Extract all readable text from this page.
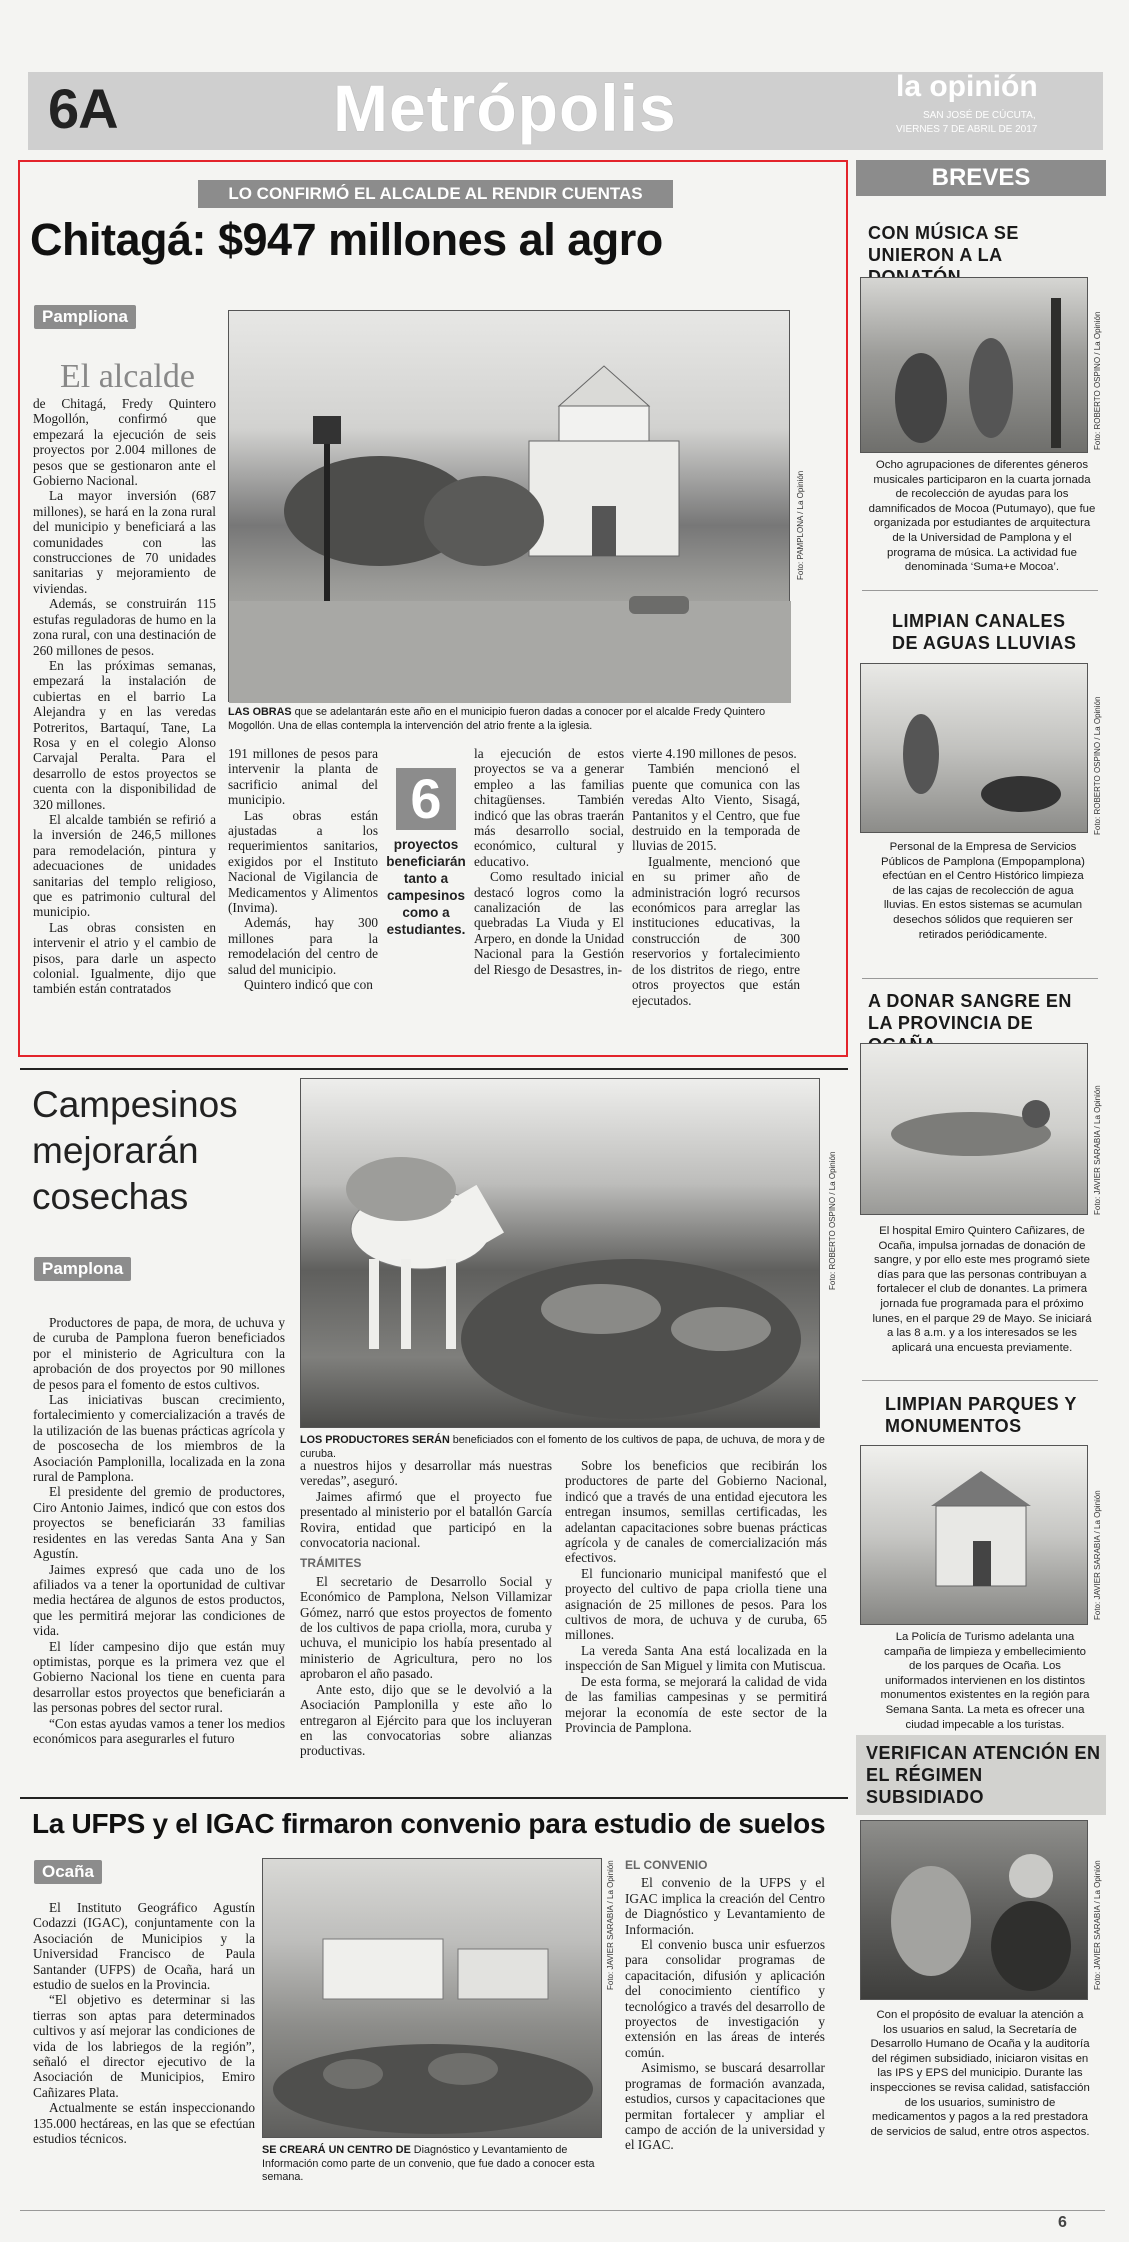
6A	Metrópolis	la opinión
SAN JOSÉ DE CÚCUTA,
VIERNES 7 DE ABRIL DE 2017
LO CONFIRMÓ EL ALCALDE AL RENDIR CUENTAS
Chitagá: $947 millones al agro
Pampliona
El alcalde

de Chitagá, Fredy Quintero Mogollón, confirmó que empezará la ejecución de seis proyectos por 2.004 millones de pesos que se gestionaron ante el Gobierno Nacional.

La mayor inversión (687 millones), se hará en la zona rural del municipio y beneficiará a las comunidades con las construcciones de 70 unidades sanitarias y mejoramiento de viviendas.

Además, se construirán 115 estufas reguladoras de humo en la zona rural, con una destinación de 260 millones de pesos.

En las próximas semanas, empezará la instalación de cubiertas en el barrio La Alejandra y en las veredas Potreritos, Bartaquí, Tane, La Rosa y en el colegio Alonso Carvajal Peralta. Para el desarrollo de estos proyectos se cuenta con la disponibilidad de 320 millones.

El alcalde también se refirió a la inversión de 246,5 millones para remodelación, pintura y adecuaciones de unidades sanitarias del templo religioso, que es patrimonio cultural del municipio.

Las obras consisten en intervenir el atrio y el cambio de pisos, para darle un aspecto colonial. Igualmente, dijo que también están contratados

Foto: PAMPLONA / La Opinión
LAS OBRAS que se adelantarán este año en el municipio fueron dadas a conocer por el alcalde Fredy Quintero Mogollón. Una de ellas contempla la intervención del atrio frente a la iglesia.

191 millones de pesos para intervenir la planta de sacrificio animal del municipio.

Las obras están ajustadas a los requerimientos sanitarios, exigidos por el Instituto Nacional de Vigilancia de Medicamentos y Alimentos (Invima).

Además, hay 300 millones para la remodelación del centro de salud del municipio.

Quintero indicó que con

6
proyectos beneficiarán tanto a campesinos como a estudiantes.

la ejecución de estos proyectos se va a generar empleo a las familias chitagüenses. También indicó que las obras traerán más desarrollo social, económico, cultural y educativo.

Como resultado inicial destacó logros como la canalización de las quebradas La Viuda y El Arpero, en donde la Unidad Nacional para la Gestión del Riesgo de Desastres, in-

vierte 4.190 millones de pesos.

También mencionó el puente que comunica con las veredas Alto Viento, Sisagá, Pantanitos y el Centro, que fue destruido en la temporada de lluvias de 2015.

Igualmente, mencionó que en su primer año de administración logró recursos económicos para arreglar las instituciones educativas, la construcción de 300 reservorios y fortalecimiento de los distritos de riego, entre otros proyectos que están ejecutados.

Campesinos mejorarán cosechas
Pamplona	Foto: ROBERTO OSPINO / La Opinión
LOS PRODUCTORES SERÁN beneficiados con el fomento de los cultivos de papa, de uchuva, de mora y de curuba.

Productores de papa, de mora, de uchuva y de curuba de Pamplona fueron beneficiados por el ministerio de Agricultura con la aprobación de dos proyectos por 90 millones de pesos para el fomento de estos cultivos.

Las iniciativas buscan crecimiento, fortalecimiento y comercialización a través de la utilización de las buenas prácticas agrícola y de poscosecha de los miembros de la Asociación Pamplonilla, localizada en la zona rural de Pamplona.

El presidente del gremio de productores, Ciro Antonio Jaimes, indicó que con estos dos proyectos se beneficiarán 33 familias residentes en las veredas Santa Ana y San Agustín.

Jaimes expresó que cada uno de los afiliados va a tener la oportunidad de cultivar media hectárea de algunos de estos productos, que les permitirá mejorar las condiciones de vida.

El líder campesino dijo que están muy optimistas, porque es la primera vez que el Gobierno Nacional los tiene en cuenta para desarrollar estos proyectos que beneficiarán a las personas pobres del sector rural.

“Con estas ayudas vamos a tener los medios económicos para asegurarles el futuro

a nuestros hijos y desarrollar más nuestras veredas”, aseguró.

Jaimes afirmó que el proyecto fue presentado al ministerio por el batallón García Rovira, entidad que participó en la convocatoria nacional.

TRÁMITES

El secretario de Desarrollo Social y Económico de Pamplona, Nelson Villamizar Gómez, narró que estos proyectos de fomento de los cultivos de papa criolla, mora, curuba y uchuva, el municipio los había presentado al ministerio de Agricultura, pero no los aprobaron el año pasado.

Ante esto, dijo que se le devolvió a la Asociación Pamplonilla y este año lo entregaron al Ejército para que los incluyeran en las convocatorias sobre alianzas productivas.

Sobre los beneficios que recibirán los productores de parte del Gobierno Nacional, indicó que a través de una entidad ejecutora les entregan insumos, semillas certificadas, les adelantan capacitaciones sobre buenas prácticas agrícola y de canales de comercialización más efectivos.

El funcionario municipal manifestó que el proyecto del cultivo de papa criolla tiene una asignación de 25 millones de pesos. Para los cultivos de mora, de uchuva y de curuba, 65 millones.

La vereda Santa Ana está localizada en la inspección de San Miguel y limita con Mutiscua.

De esta forma, se mejorará la calidad de vida de las familias campesinas y se permitirá mejorar la economía de este sector de la Provincia de Pamplona.

La UFPS y el IGAC firmaron convenio para estudio de suelos
Ocaña

El Instituto Geográfico Agustín Codazzi (IGAC), conjuntamente con la Asociación de Municipios y la Universidad Francisco de Paula Santander (UFPS) de Ocaña, hará un estudio de suelos en la Provincia.

“El objetivo es determinar si las tierras son aptas para determinados cultivos y así mejorar las condiciones de vida de los labriegos de la región”, señaló el director ejecutivo de la Asociación de Municipios, Emiro Cañizares Plata.

Actualmente se están inspeccionando 135.000 hectáreas, en las que se efectúan estudios técnicos.

Foto: JAVIER SARABIA / La Opinión
SE CREARÁ UN CENTRO DE Diagnóstico y Levantamiento de Información como parte de un convenio, que fue dado a conocer esta semana.
EL CONVENIO

El convenio de la UFPS y el IGAC implica la creación del Centro de Diagnóstico y Levantamiento de Información.

El convenio busca unir esfuerzos para consolidar programas de capacitación, difusión y aplicación del conocimiento científico y tecnológico a través del desarrollo de proyectos de investigación y extensión en las áreas de interés común.

Asimismo, se buscará desarrollar programas de formación avanzada, estudios, cursos y capacitaciones que permitan fortalecer y ampliar el campo de acción de la universidad y el IGAC.

BREVES
CON MÚSICA SE UNIERON A LA
Foto: ROBERTO OSPINO / La Opinión
Ocho agrupaciones de diferentes géneros musicales participaron en la cuarta jornada de recolección de ayudas para los damnificados de Mocoa (Putumayo), que fue organizada por estudiantes de arquitectura de la Universidad de Pamplona y el programa de música. La actividad fue denominada ‘Suma+e Mocoa’.
LIMPIAN CANALES DE AGUAS LLUVIAS
Foto: ROBERTO OSPINO / La Opinión
Personal de la Empresa de Servicios Públicos de Pamplona (Empopamplona) efectúan en el Centro Histórico limpieza de las cajas de recolección de agua lluvias. En estos sistemas se acumulan desechos sólidos que requieren ser retirados periódicamente.
A DONAR SANGRE EN LA PROVINCIA DE
Foto: JAVIER SARABIA / La Opinión
El hospital Emiro Quintero Cañizares, de Ocaña, impulsa jornadas de donación de sangre, y por ello este mes programó siete días para que las personas contribuyan a fortalecer el club de donantes. La primera jornada fue programada para el próximo lunes, en el parque 29 de Mayo. Se iniciará a las 8 a.m. y a los interesados se les aplicará una encuesta previamente.
LIMPIAN PARQUES Y MONUMENTOS
Foto: JAVIER SARABIA / La Opinión
La Policía de Turismo adelanta una campaña de limpieza y embellecimiento de los parques de Ocaña. Los uniformados intervienen en los distintos monumentos existentes en la región para Semana Santa. La meta es ofrecer una ciudad impecable a los turistas.
VERIFICAN ATENCIÓN EN EL RÉGIMEN SUBSIDIADO
Foto: JAVIER SARABIA / La Opinión
Con el propósito de evaluar la atención a los usuarios en salud, la Secretaría de Desarrollo Humano de Ocaña y la auditoría del régimen subsidiado, iniciaron visitas en las IPS y EPS del municipio. Durante las inspecciones se revisa calidad, satisfacción de los usuarios, suministro de medicamentos y pagos a la red prestadora de servicios de salud, entre otros aspectos.
6
